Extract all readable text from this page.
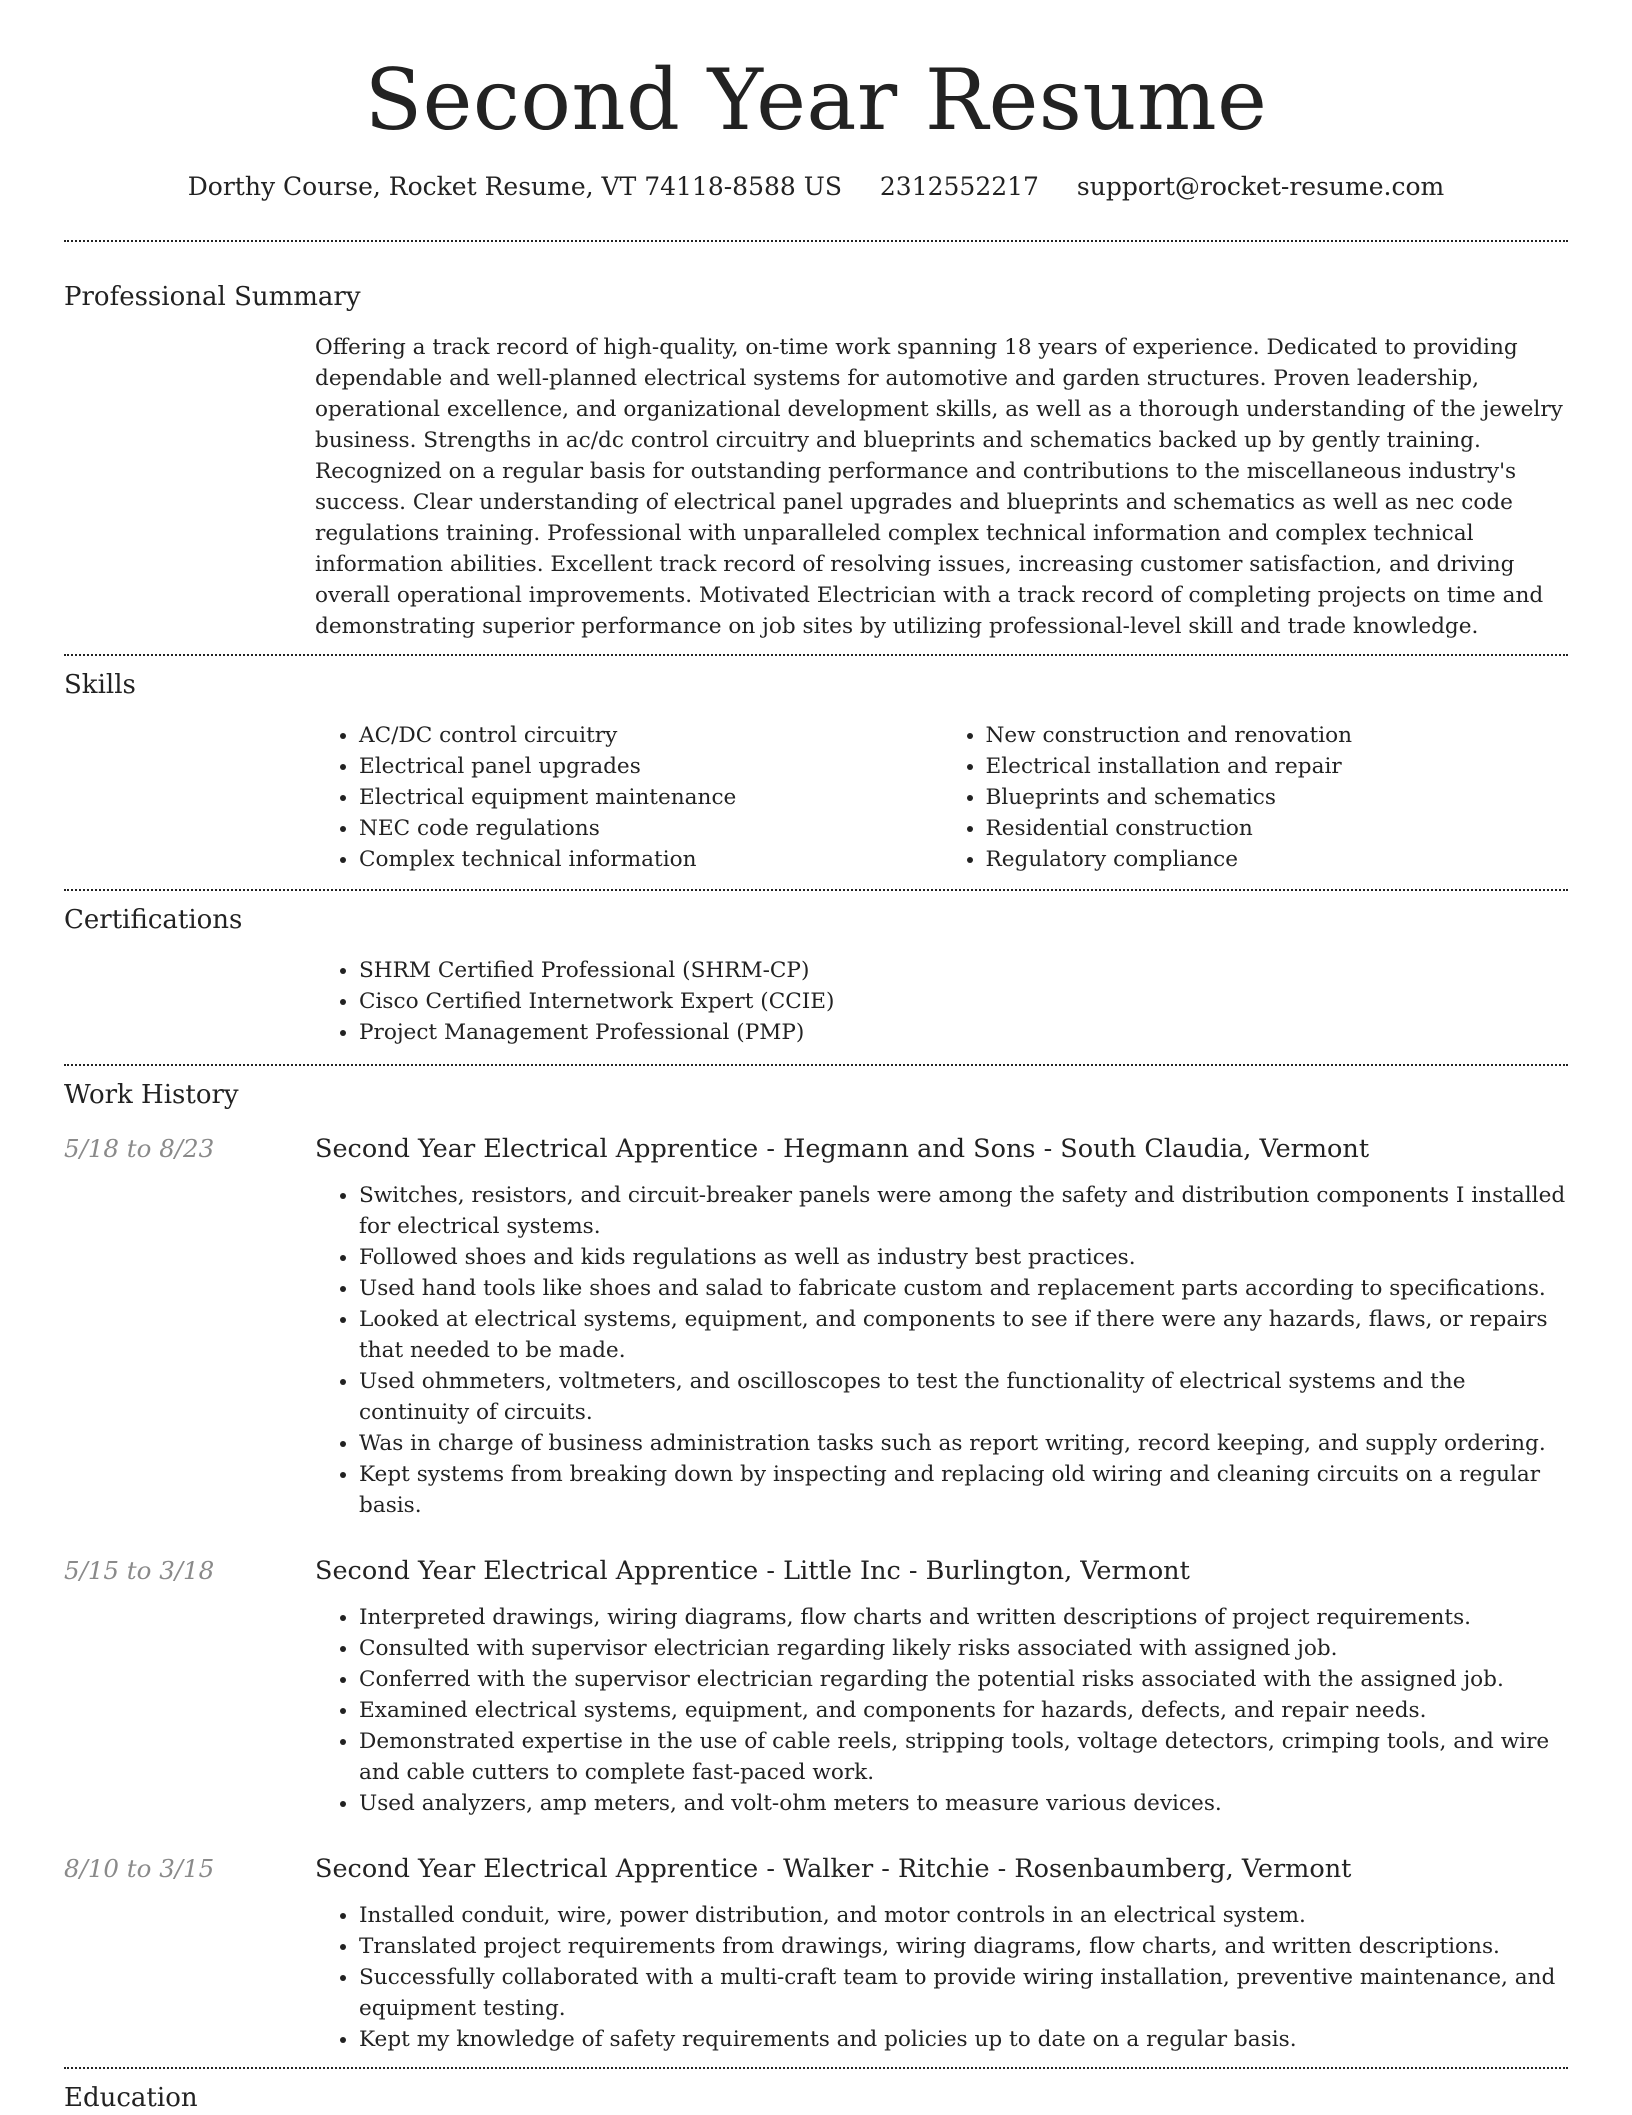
Second Year Resume
Dorthy Course, Rocket Resume, VT 74118-8588 US 2312552217 support@rocket-resume.com
Professional Summary

Offering a track record of high-quality, on-time work spanning 18 years of experience. Dedicated to providing dependable and well-planned electrical systems for automotive and garden structures. Proven leadership, operational excellence, and organizational development skills, as well as a thorough understanding of the jewelry business. Strengths in ac/dc control circuitry and blueprints and schematics backed up by gently training. Recognized on a regular basis for outstanding performance and contributions to the miscellaneous industry's success. Clear understanding of electrical panel upgrades and blueprints and schematics as well as nec code regulations training. Professional with unparalleled complex technical information and complex technical information abilities. Excellent track record of resolving issues, increasing customer satisfaction, and driving overall operational improvements. Motivated Electrician with a track record of completing projects on time and demonstrating superior performance on job sites by utilizing professional-level skill and trade knowledge.

Skills
• AC/DC control circuitry
• Electrical panel upgrades
• Electrical equipment maintenance
• NEC code regulations
• Complex technical information
• New construction and renovation
• Electrical installation and repair
• Blueprints and schematics
• Residential construction
• Regulatory compliance
Certifications
• SHRM Certified Professional (SHRM-CP)
• Cisco Certified Internetwork Expert (CCIE)
• Project Management Professional (PMP)
Work History
5/18 to 8/23	Second Year Electrical Apprentice - Hegmann and Sons - South Claudia, Vermont
• Switches, resistors, and circuit-breaker panels were among the safety and distribution components I installed for electrical systems.
• Followed shoes and kids regulations as well as industry best practices.
• Used hand tools like shoes and salad to fabricate custom and replacement parts according to specifications.
• Looked at electrical systems, equipment, and components to see if there were any hazards, flaws, or repairs that needed to be made.
• Used ohmmeters, voltmeters, and oscilloscopes to test the functionality of electrical systems and the continuity of circuits.
• Was in charge of business administration tasks such as report writing, record keeping, and supply ordering.
• Kept systems from breaking down by inspecting and replacing old wiring and cleaning circuits on a regular basis.
5/15 to 3/18	Second Year Electrical Apprentice - Little Inc - Burlington, Vermont
• Interpreted drawings, wiring diagrams, flow charts and written descriptions of project requirements.
• Consulted with supervisor electrician regarding likely risks associated with assigned job.
• Conferred with the supervisor electrician regarding the potential risks associated with the assigned job.
• Examined electrical systems, equipment, and components for hazards, defects, and repair needs.
• Demonstrated expertise in the use of cable reels, stripping tools, voltage detectors, crimping tools, and wire and cable cutters to complete fast-paced work.
• Used analyzers, amp meters, and volt-ohm meters to measure various devices.
8/10 to 3/15	Second Year Electrical Apprentice - Walker - Ritchie - Rosenbaumberg, Vermont
• Installed conduit, wire, power distribution, and motor controls in an electrical system.
• Translated project requirements from drawings, wiring diagrams, flow charts, and written descriptions.
• Successfully collaborated with a multi-craft team to provide wiring installation, preventive maintenance, and equipment testing.
• Kept my knowledge of safety requirements and policies up to date on a regular basis.
Education
